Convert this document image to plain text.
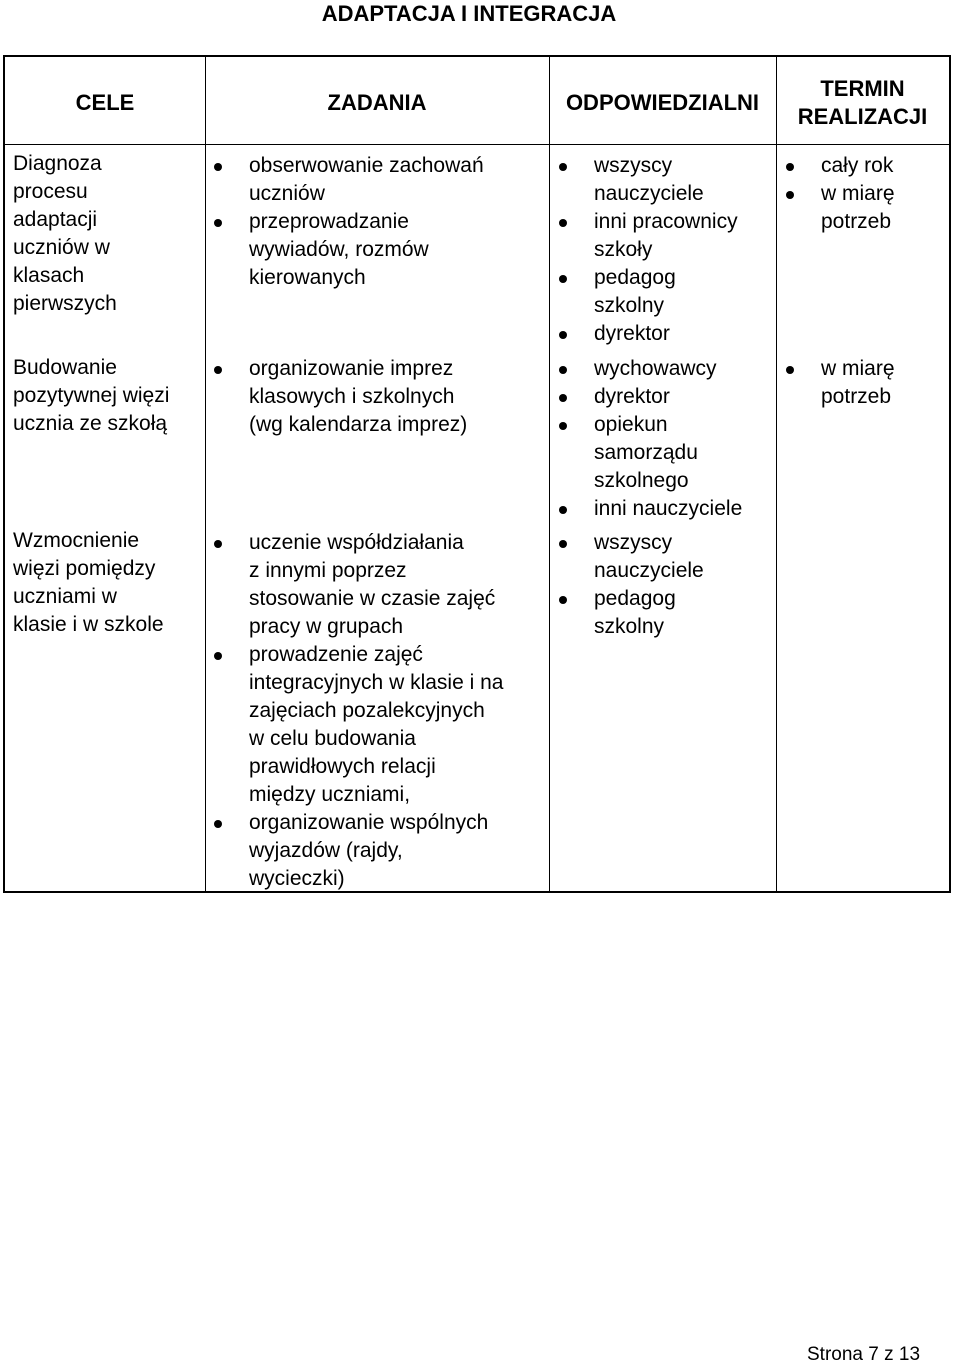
ADAPTACJA I INTEGRACJA
CELE	ZADANIA	ODPOWIEDZIALNI
TERMIN
REALIZACJI
Diagnoza
procesu
adaptacji
uczniów w
klasach
pierwszych
obserwowanie zachowań
uczniów
przeprowadzanie
wywiadów, rozmów
kierowanych
wszyscy
nauczyciele
inni pracownicy
szkoły
pedagog
szkolny
dyrektor
cały rok
w miarę
potrzeb
Budowanie
pozytywnej więzi
ucznia ze szkołą
organizowanie imprez
klasowych i szkolnych
(wg kalendarza imprez)
wychowawcy
dyrektor
opiekun
samorządu
szkolnego
inni nauczyciele
w miarę
potrzeb
Wzmocnienie
więzi pomiędzy
uczniami w
klasie i w szkole
uczenie współdziałania
z innymi poprzez
stosowanie w czasie zajęć
pracy w grupach
prowadzenie zajęć
integracyjnych w klasie i na
zajęciach pozalekcyjnych
w celu budowania
prawidłowych relacji
między uczniami,
organizowanie wspólnych
wyjazdów (rajdy,
wycieczki)
wszyscy
nauczyciele
pedagog
szkolny
Strona 7 z 13
